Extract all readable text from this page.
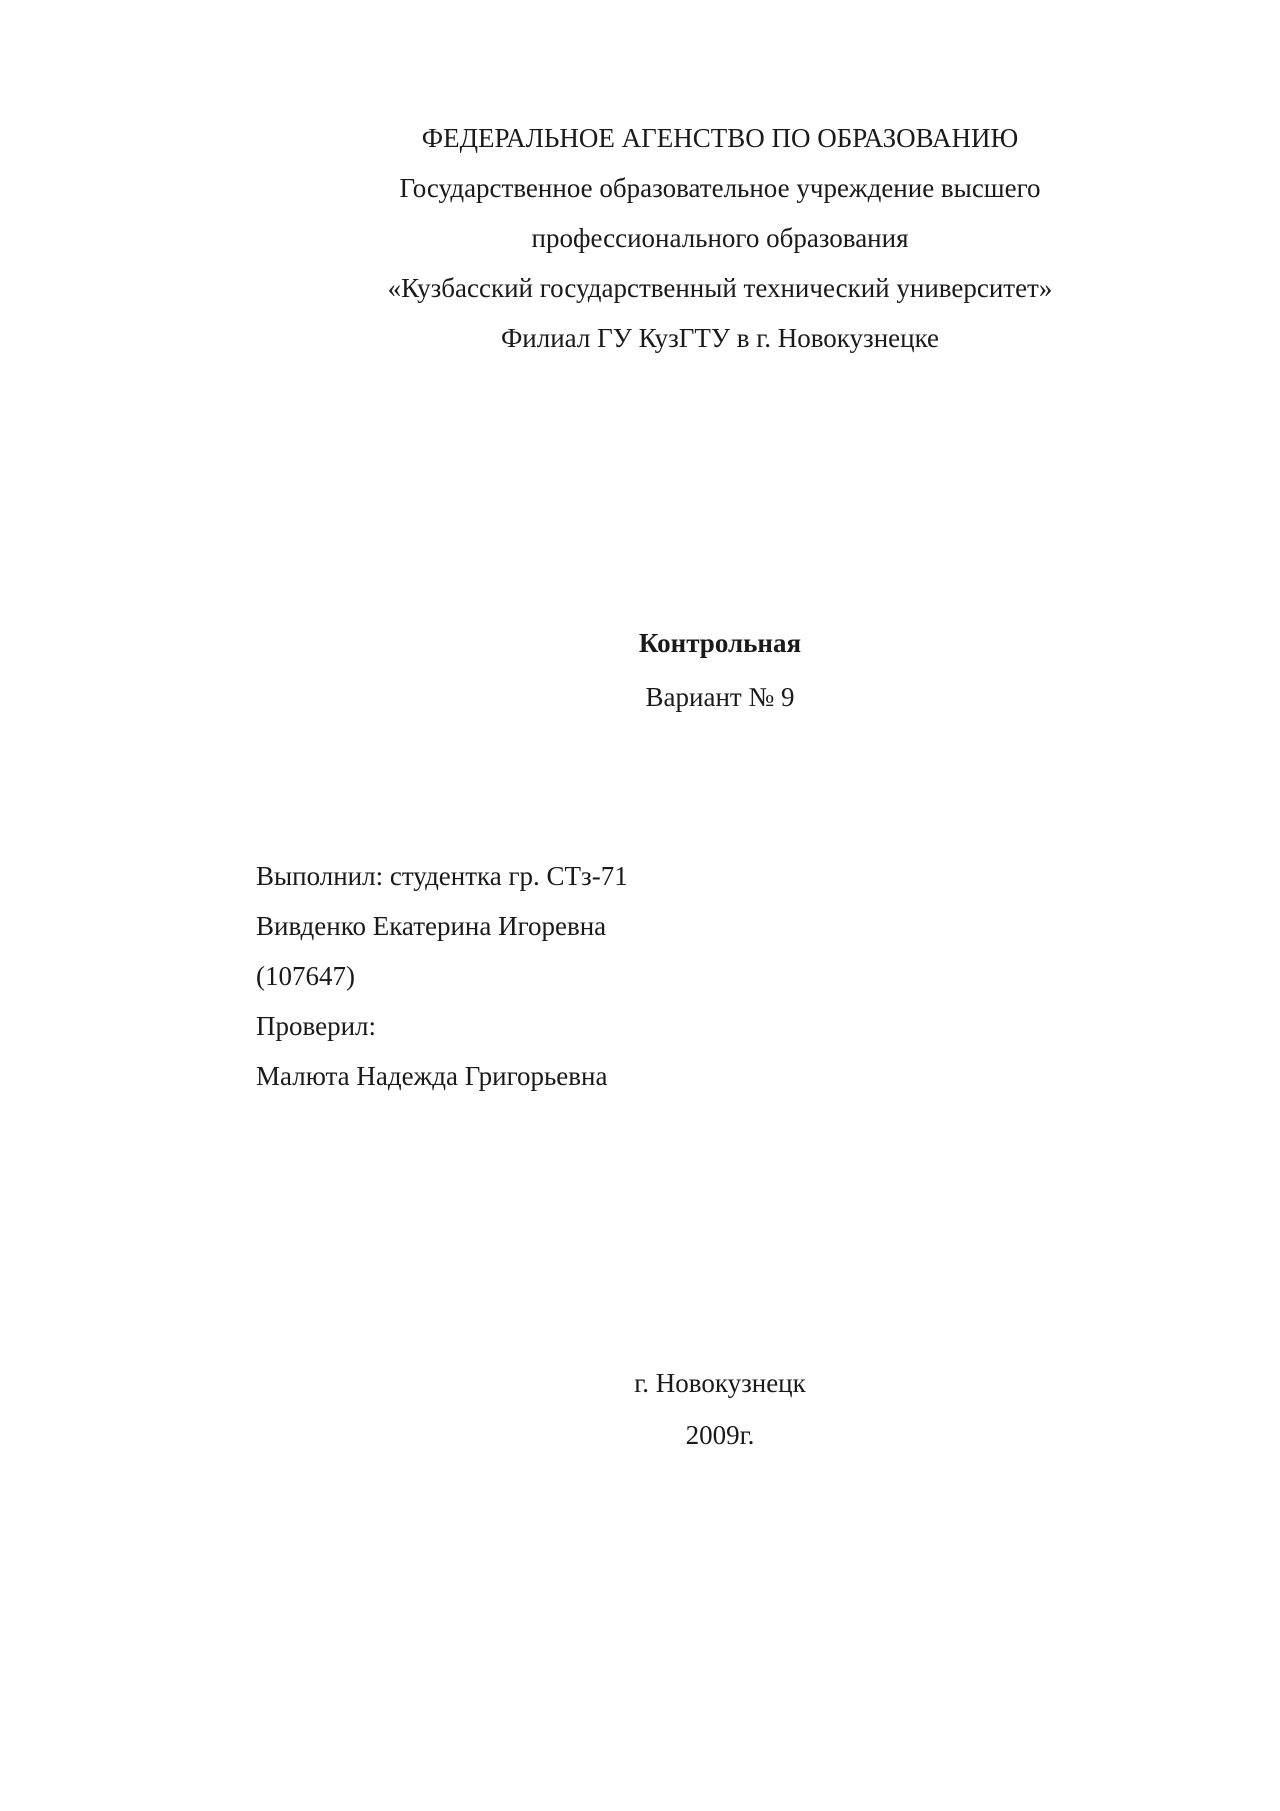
ФЕДЕРАЛЬНОЕ АГЕНСТВО ПО ОБРАЗОВАНИЮ
Государственное образовательное учреждение высшего
профессионального образования
«Кузбасский государственный технический университет»
Филиал ГУ КузГТУ в г. Новокузнецке
Контрольная
Вариант № 9
Выполнил: студентка гр. СТз-71
Вивденко Екатерина Игоревна
(107647)
Проверил:
Малюта Надежда Григорьевна
г. Новокузнецк
2009г.
